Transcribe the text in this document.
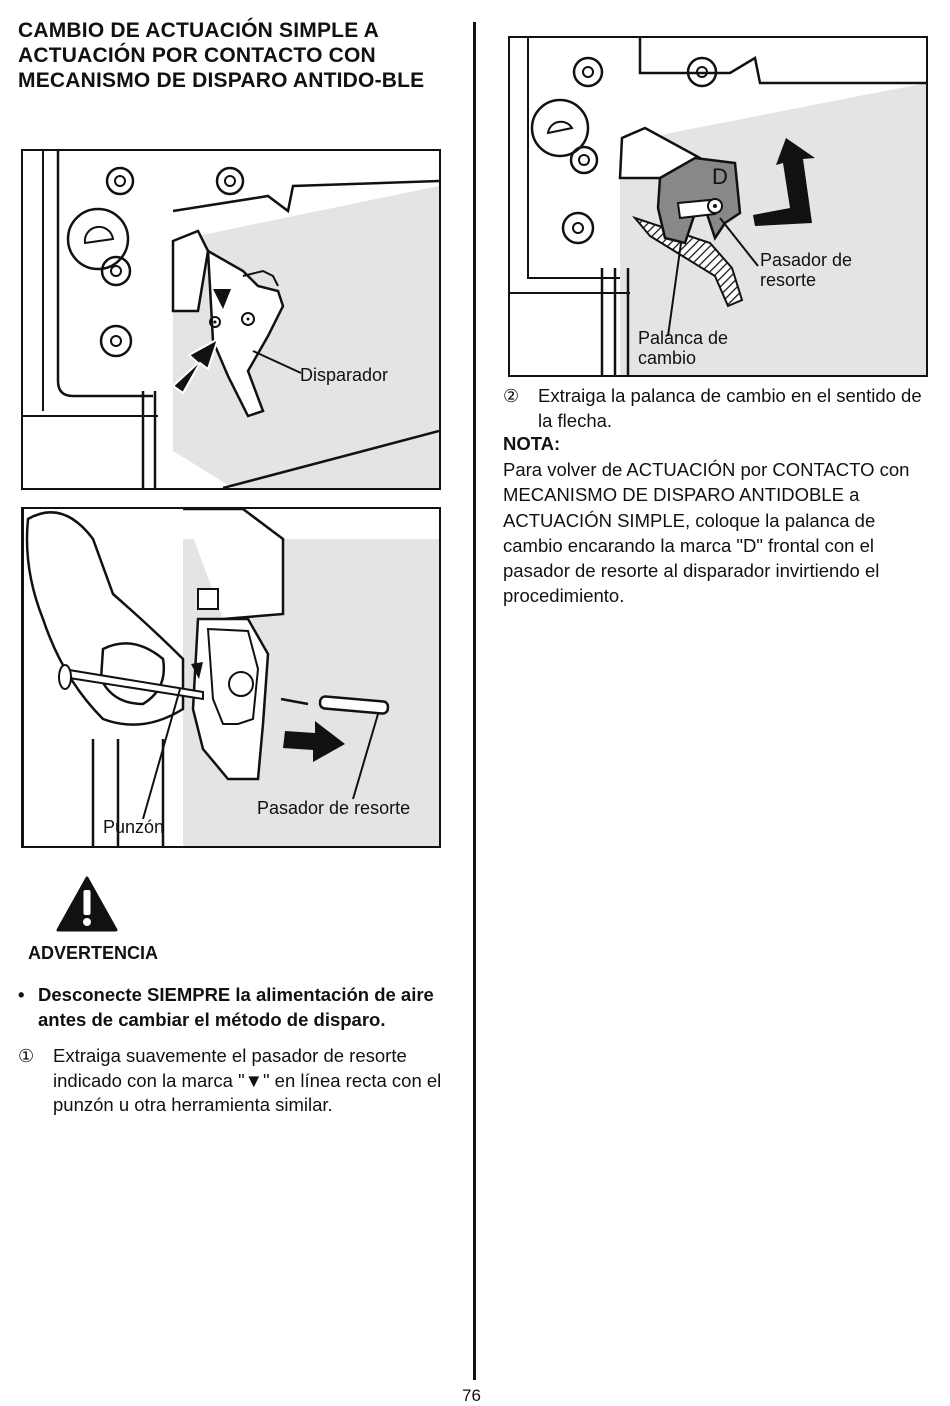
CAMBIO DE ACTUACIÓN SIMPLE A ACTUACIÓN POR CONTACTO CON MECANISMO DE DISPARO ANTIDO-BLE
Disparador
Punzón
Pasador de resorte
D
Pasador de resorte
Palanca de cambio
ADVERTENCIA
• Desconecte SIEMPRE la alimentación de aire antes de cambiar el método de disparo.
① Extraiga suavemente el pasador de resorte indicado con la marca "▼" en línea recta con el punzón u otra herramienta similar.
② Extraiga la palanca de cambio en el sentido de la flecha.
NOTA:
Para volver de ACTUACIÓN por CONTACTO con MECANISMO DE DISPARO ANTIDOBLE a ACTUACIÓN SIMPLE, coloque la palanca de cambio encarando la marca "D" frontal con el pasador de resorte al disparador invirtiendo el procedimiento.
76
